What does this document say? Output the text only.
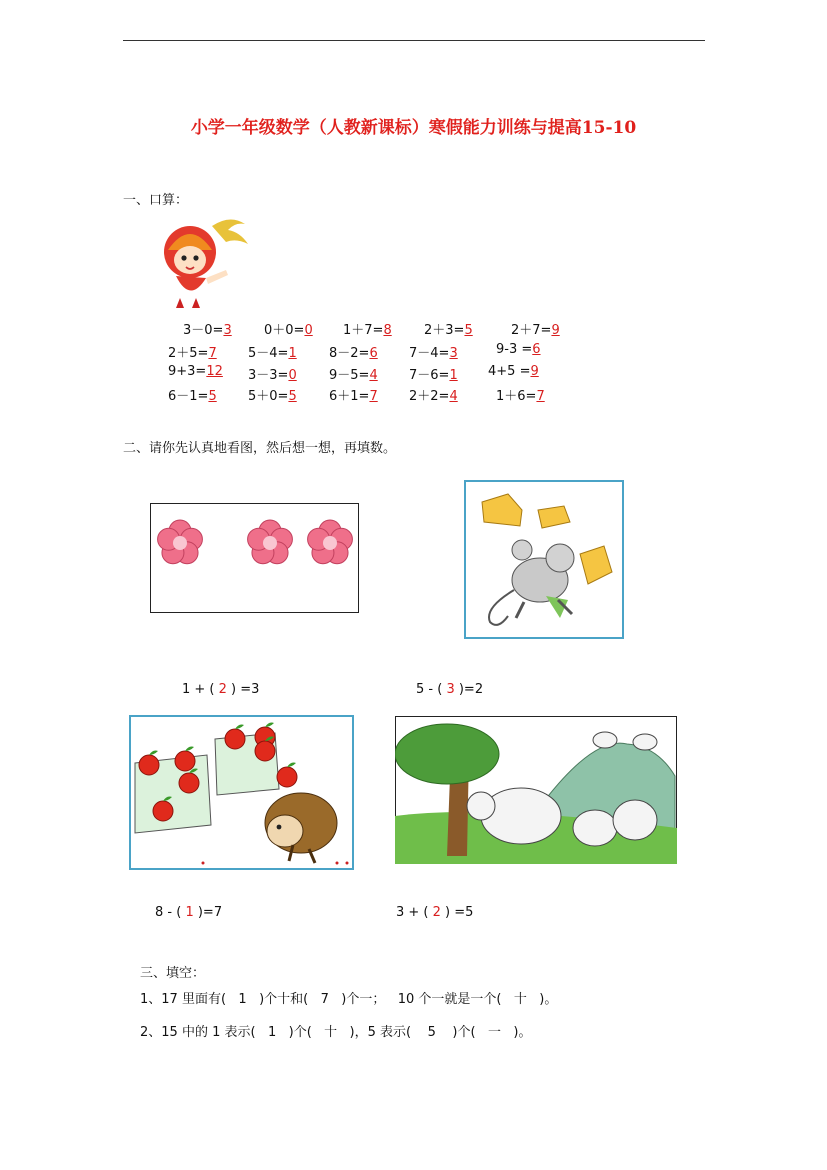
小学一年级数学（人教新课标）寒假能力训练与提高15-10
一、口算：
3－0=3	0＋0=0	1＋7=8	2＋3=5	2＋7=9
2＋5=7	5－4=1	8－2=6	7－4=3	9-3 =6
9+3=12 3－3=0	9－5=4	7－6=1	4+5 =9
6－1=5	5＋0=5	6＋1=7	2＋2=4	1＋6=7
二、请你先认真地看图，然后想一想，再填数。
1 + ( 2 ) =3	5 - ( 3 )=2
8 - ( 1 )=7	3 + ( 2 ) =5
三、填空：
1、17 里面有(   1   )个十和(   7   )个一；   10 个一就是一个(   十   )。
2、15 中的 1 表示(   1   )个(   十   )，5 表示(    5    )个(   一   )。
